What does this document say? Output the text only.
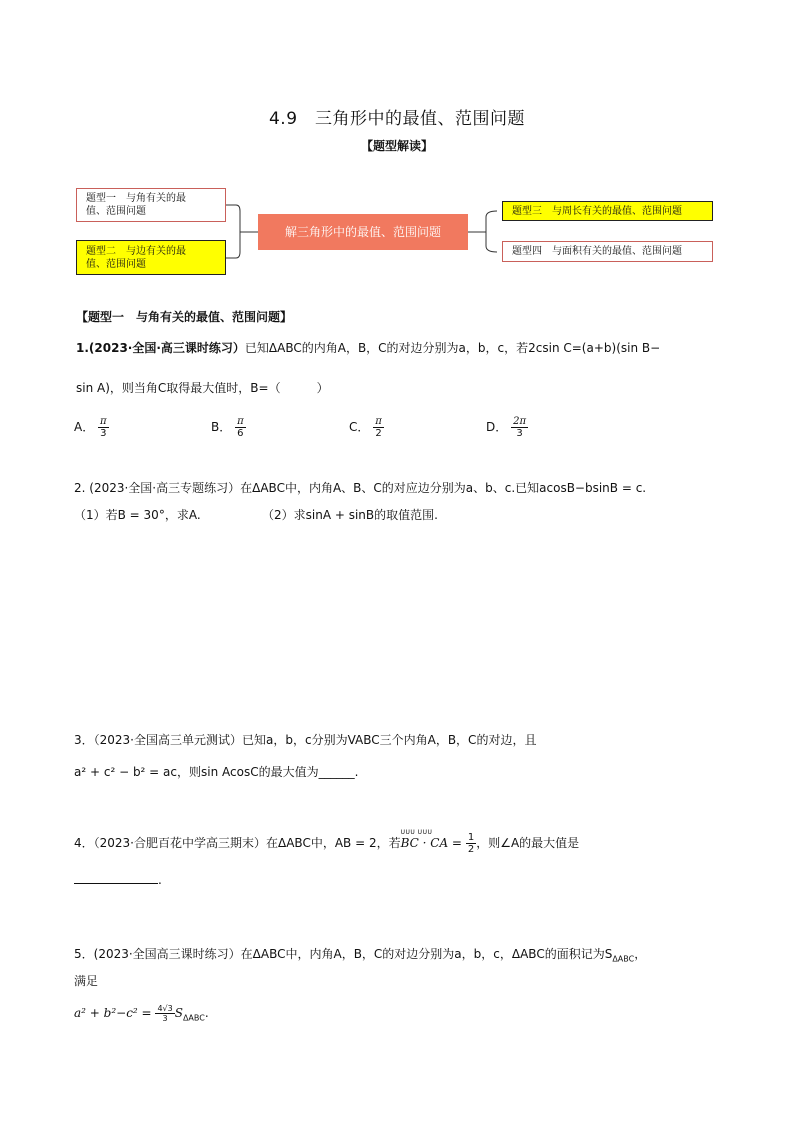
4.9　三角形中的最值、范围问题
【题型解读】
题型一　与角有关的最
值、范围问题
题型二　与边有关的最
值、范围问题
解三角形中的最值、范围问题
题型三　与周长有关的最值、范围问题
题型四　与面积有关的最值、范围问题
【题型一　与角有关的最值、范围问题】
1.(2023·全国·高三课时练习）已知ΔABC的内角A，B，C的对边分别为a，b，c，若2csin C=(a+b)(sin B−
sin A)，则当角C取得最大值时，B=（　　　）
A． $\frac{\pi}{3}$	B． $\frac{\pi}{6}$	C． $\frac{\pi}{2}$	D． $\frac{2\pi}{3}$
2. (2023·全国·高三专题练习）在ΔABC中，内角A、B、C的对应边分别为a、b、c.已知acosB−bsinB = c.
（1）若B = 30°，求A.	（2）求sinA + sinB的取值范围.
3．（2023·全国高三单元测试）已知a，b，c分别为VABC三个内角A，B，C的对边，且
a² + c² − b² = ac，则sin AcosC的最大值为______.
4．（2023·合肥百花中学高三期末）在ΔABC中，AB = 2，若
UUU UUU
BC · CA = $\frac{1}{2}$ ，则∠A的最大值是
.
5．(2023·全国高三课时练习）在ΔABC中，内角A，B，C的对边分别为a，b，c，ΔABC的面积记为$S_{\Delta ABC}$，
满足
$a^2 + b^2-c^2 = \frac{4√3}{3} S_{\Delta ABC}$.
